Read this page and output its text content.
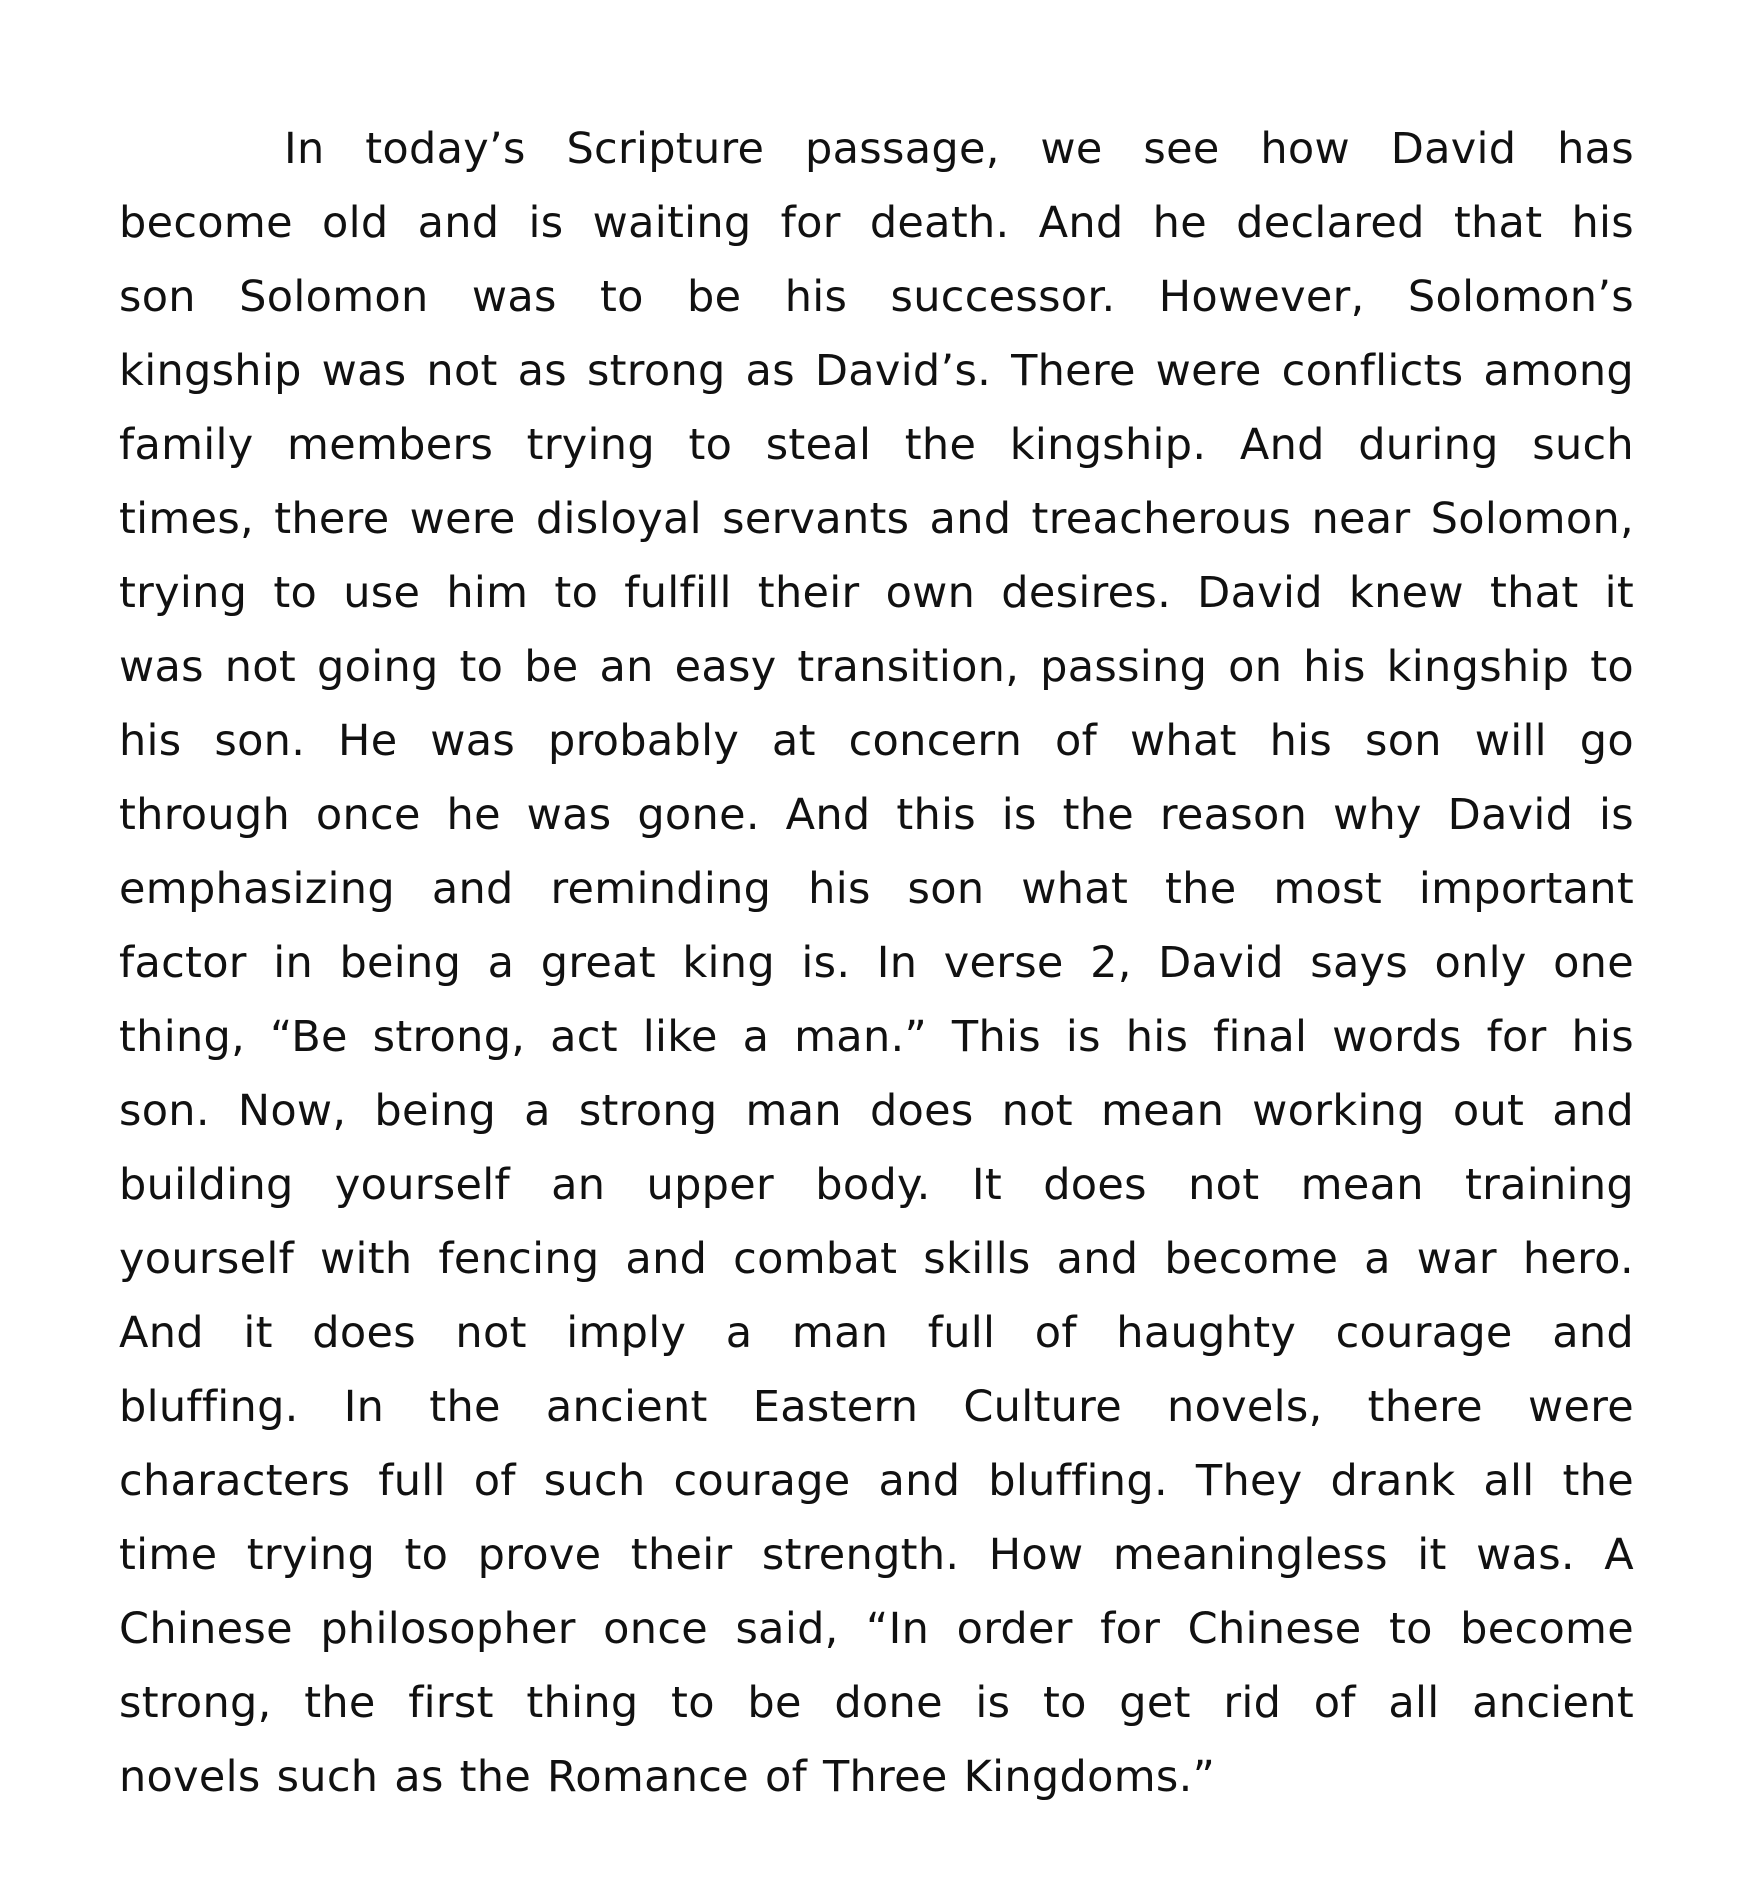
In today’s Scripture passage, we see how David has
become old and is waiting for death. And he declared that his
son Solomon was to be his successor. However, Solomon’s
kingship was not as strong as David’s. There were conflicts among
family members trying to steal the kingship. And during such
times, there were disloyal servants and treacherous near Solomon,
trying to use him to fulfill their own desires. David knew that it
was not going to be an easy transition, passing on his kingship to
his son. He was probably at concern of what his son will go
through once he was gone. And this is the reason why David is
emphasizing and reminding his son what the most important
factor in being a great king is. In verse 2, David says only one
thing, “Be strong, act like a man.” This is his final words for his
son. Now, being a strong man does not mean working out and
building yourself an upper body. It does not mean training
yourself with fencing and combat skills and become a war hero.
And it does not imply a man full of haughty courage and
bluffing. In the ancient Eastern Culture novels, there were
characters full of such courage and bluffing. They drank all the
time trying to prove their strength. How meaningless it was. A
Chinese philosopher once said, “In order for Chinese to become
strong, the first thing to be done is to get rid of all ancient
novels such as the Romance of Three Kingdoms.”
